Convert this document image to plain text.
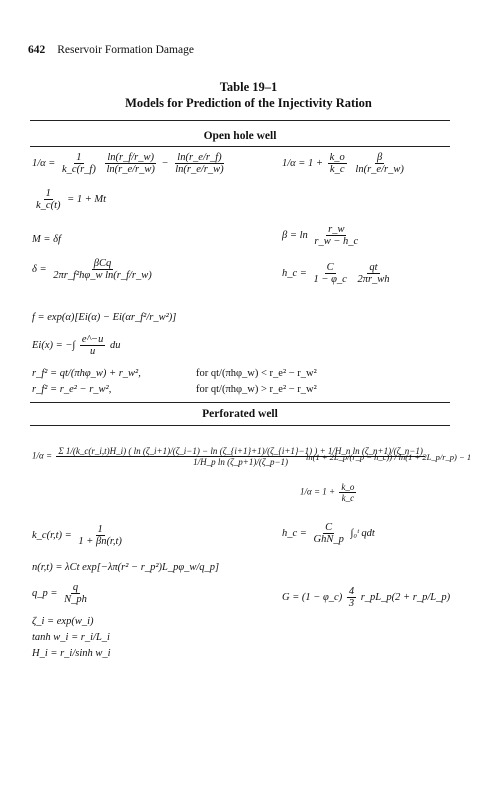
642 Reservoir Formation Damage
Table 19–1
Models for Prediction of the Injectivity Ration
Open hole well
$1/\alpha = \frac{1}{k\_c(r\_f)}$
$\frac{\ln(r\_f/r\_w)}{\ln(r\_e/r\_w)} - \frac{\ln(r\_e/r\_f)}{\ln(r\_e/r\_w)}$	$1/\alpha = 1 + \frac{k\_o}{k\_c}$
$\frac{\beta}{\ln(r\_e/r\_w)}$
$\frac{1}{k\_c(t)} = 1 + Mt$
M = δf	$\beta = \ln \frac{r\_w}{r\_w - h\_c}$
$\delta = \frac{\text{βCq}}{\text{2πr\_f²hφ\_w ln(r\_f/r\_w)}}$	h_c = $\frac{C}{1 - \varphi\_c}$
$\frac{qt}{2\pi r\_wh}$
f = exp(α)[Ei(α) − Ei(αr_f²/r_w²)]
Ei(x) = −∫ $\frac{e\^{}-u}{u}$ du
r_f² = qt/(πhφ_w) + r_w²,	for qt/(πhφ_w) < r_e² − r_w²
r_f² = r_e² − r_w²,	for qt/(πhφ_w) > r_e² − r_w²
Perforated well
1/α = Σ 1/(k_c(r_i,t)H_i) ( ln (ζ_i+1)/(ζ_i−1) − ln (ζ_{i+1}+1)/(ζ_{i+1}−1) ) + 1/H_n ln (ζ_n+1)/(ζ_n−1)
1/H_p ln (ζ_p+1)/(ζ_p−1)
$1/\alpha = 1 + \frac{k\_o}{k\_c}$
ln(1 + 2L_p/(r_p − h_c)) / ln(1 + 2L_p/r_p) − 1
k_c(r,t) = $\frac{1}{1 + \beta n(r,t)}$	h_c = $\frac{C}{\text{GhN\_p}}$ ∫₀ᵗ qdt
n(r,t) = λCt exp[−λπ(r² − r_p²)L_pφ_w/q_p]
q_p = $\frac{q}{N\_ph}$	G = (1 − φ_c) $\frac{4}{3}$ r_pL_p(2 + r_p/L_p)
ζ_i = exp(w_i)
tanh w_i = r_i/L_i
H_i = r_i/sinh w_i
